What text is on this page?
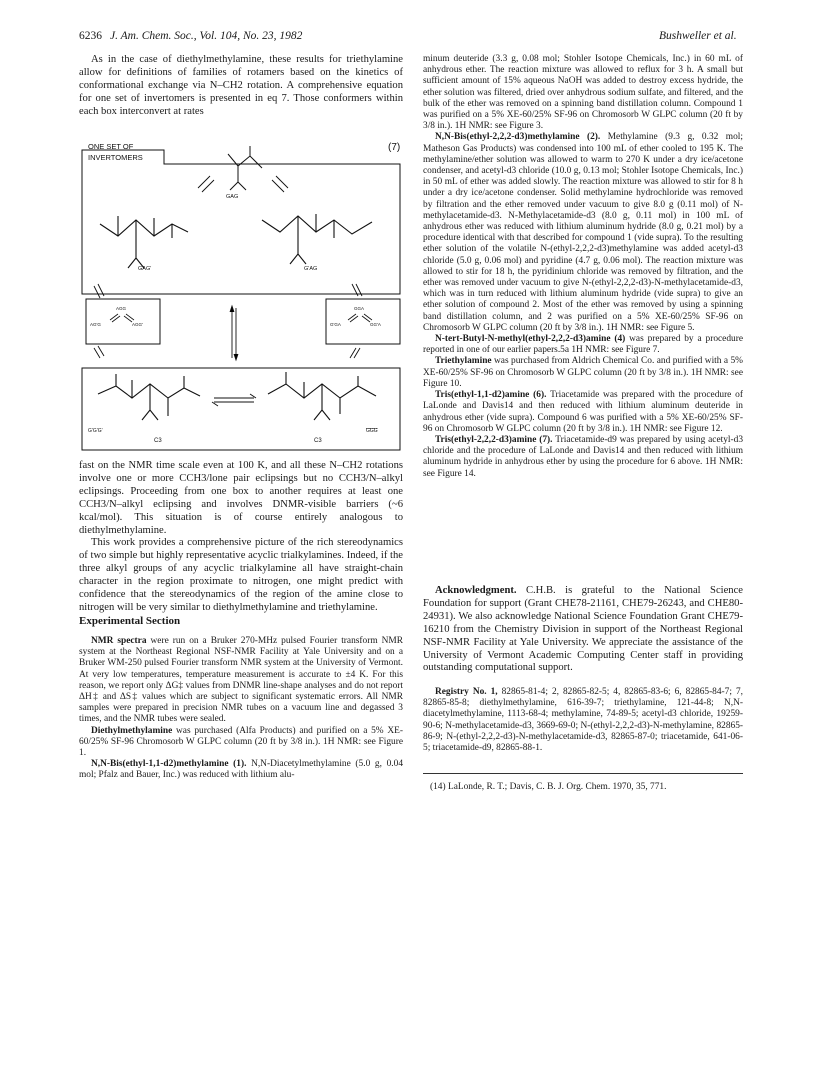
6236 J. Am. Chem. Soc., Vol. 104, No. 23, 1982	Bushweller et al.

As in the case of diethylmethylamine, these results for triethylamine allow for definitions of families of rotamers based on the kinetics of conformational exchange via N–CH2 rotation. A comprehensive equation for one set of invertomers is presented in eq 7. Those conformers within each box interconvert at rates

ONE SET OF
INVERTOMERS
(7)
GAG
GAG'	G'AG
AGG
AG'G	AGG'
GGA
G'GA	GG'A
G'G'G'
C3	C3
GGG

fast on the NMR time scale even at 100 K, and all these N–CH2 rotations involve one or more CCH3/lone pair eclipsings but no CCH3/N–alkyl eclipsings. Proceeding from one box to another requires at least one CCH3/N–alkyl eclipsing and involves DNMR-visible barriers (~6 kcal/mol). This situation is of course entirely analogous to diethylmethylamine.

This work provides a comprehensive picture of the rich stereodynamics of two simple but highly representative acyclic trialkylamines. Indeed, if the three alkyl groups of any acyclic trialkylamine all have straight-chain character in the region proximate to nitrogen, one might predict with confidence that the stereodynamics of the region of the amine close to nitrogen will be very similar to diethylmethylamine and triethylamine.

Experimental Section

NMR spectra were run on a Bruker 270-MHz pulsed Fourier transform NMR system at the Northeast Regional NSF-NMR Facility at Yale University and on a Bruker WM-250 pulsed Fourier transform NMR system at the University of Vermont. At very low temperatures, temperature measurement is accurate to ±4 K. For this reason, we report only ΔG‡ values from DNMR line-shape analyses and do not report ΔH‡ and ΔS‡ values which are subject to significant systematic errors. All NMR samples were prepared in precision NMR tubes on a vacuum line and degassed 3 times, and the NMR tubes were sealed.

Diethylmethylamine was purchased (Alfa Products) and purified on a 5% XE-60/25% SF-96 Chromosorb W GLPC column (20 ft by 3/8 in.). 1H NMR: see Figure 1.

N,N-Bis(ethyl-1,1-d2)methylamine (1). N,N-Diacetylmethylamine (5.0 g, 0.04 mol; Pfalz and Bauer, Inc.) was reduced with lithium alu-

minum deuteride (3.3 g, 0.08 mol; Stohler Isotope Chemicals, Inc.) in 60 mL of anhydrous ether. The reaction mixture was allowed to reflux for 3 h. A small but sufficient amount of 15% aqueous NaOH was added to destroy excess hydride, the ether solution was filtered, dried over anhydrous sodium sulfate, and filtered, and the bulk of the ether was removed on a spinning band distillation column. Compound 1 was purified on a 5% XE-60/25% SF-96 on Chromosorb W GLPC column (20 ft by 3/8 in.). 1H NMR: see Figure 3.

N,N-Bis(ethyl-2,2,2-d3)methylamine (2). Methylamine (9.3 g, 0.32 mol; Matheson Gas Products) was condensed into 100 mL of ether cooled to 195 K. The methylamine/ether solution was allowed to warm to 270 K under a dry ice/acetone condenser, and acetyl-d3 chloride (10.0 g, 0.13 mol; Stohler Isotope Chemicals, Inc.) in 50 mL of ether was added slowly. The reaction mixture was allowed to stir for 8 h under a dry ice/acetone condenser. Solid methylamine hydrochloride was removed by filtration and the ether removed under vacuum to give 8.0 g (0.11 mol) of N-methylacetamide-d3. N-Methylacetamide-d3 (8.0 g, 0.11 mol) in 100 mL of anhydrous ether was reduced with lithium aluminum hydride (8.0 g, 0.21 mol) by a procedure identical with that described for compound 1 (vide supra). To the resulting ether solution of the volatile N-(ethyl-2,2,2-d3)methylamine was added acetyl-d3 chloride (5.0 g, 0.06 mol) and pyridine (4.7 g, 0.06 mol). The reaction mixture was allowed to stir for 18 h, the pyridinium chloride was removed by filtration, and the ether was removed under vacuum to give N-(ethyl-2,2,2-d3)-N-methylacetamide-d3, which was in turn reduced with lithium aluminum hydride (vide supra) to give an ether solution of compound 2. Most of the ether was removed by using a spinning band distillation column, and 2 was purified on a 5% XE-60/25% SF-96 on Chromosorb W GLPC column (20 ft by 3/8 in.). 1H NMR: see Figure 5.

N-tert-Butyl-N-methyl(ethyl-2,2,2-d3)amine (4) was prepared by a procedure reported in one of our earlier papers.5a 1H NMR: see Figure 7.

Triethylamine was purchased from Aldrich Chemical Co. and purified with a 5% XE-60/25% SF-96 on Chromosorb W GLPC column (20 ft by 3/8 in.). 1H NMR: see Figure 10.

Tris(ethyl-1,1-d2)amine (6). Triacetamide was prepared with the procedure of LaLonde and Davis14 and then reduced with lithium aluminum deuteride in anhydrous ether (vide supra). Compound 6 was purified with a 5% XE-60/25% SF-96 on Chromosorb W GLPC column (20 ft by 3/8 in.). 1H NMR: see Figure 12.

Tris(ethyl-2,2,2-d3)amine (7). Triacetamide-d9 was prepared by using acetyl-d3 chloride and the procedure of LaLonde and Davis14 and then reduced with lithium aluminum hydride in anhydrous ether by using the procedure for 6 above. 1H NMR: see Figure 14.

Acknowledgment. C.H.B. is grateful to the National Science Foundation for support (Grant CHE78-21161, CHE79-26243, and CHE80-24931). We also acknowledge National Science Foundation Grant CHE79-16210 from the Chemistry Division in support of the Northeast Regional NSF-NMR Facility at Yale University. We appreciate the assistance of the University of Vermont Academic Computing Center staff in providing outstanding computational support.

Registry No. 1, 82865-81-4; 2, 82865-82-5; 4, 82865-83-6; 6, 82865-84-7; 7, 82865-85-8; diethylmethylamine, 616-39-7; triethylamine, 121-44-8; N,N-diacetylmethylamine, 1113-68-4; methylamine, 74-89-5; acetyl-d3 chloride, 19259-90-6; N-methylacetamide-d3, 3669-69-0; N-(ethyl-2,2,2-d3)-N-methylamine, 82865-86-9; N-(ethyl-2,2,2-d3)-N-methylacetamide-d3, 82865-87-0; triacetamide, 641-06-5; triacetamide-d9, 82865-88-1.

(14) LaLonde, R. T.; Davis, C. B. J. Org. Chem. 1970, 35, 771.
